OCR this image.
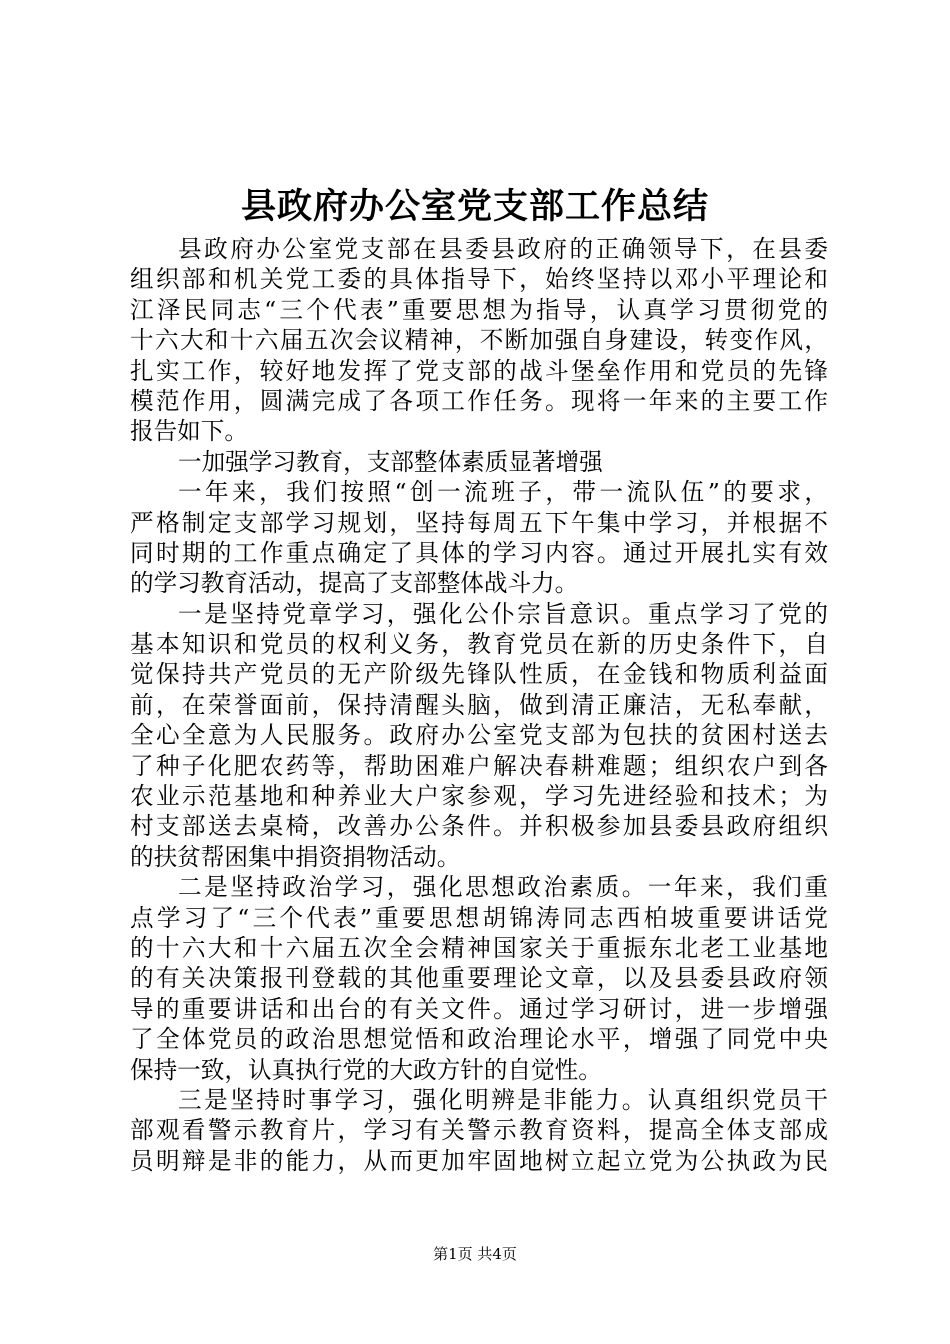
县政府办公室党支部工作总结
县政府办公室党支部在县委县政府的正确领导下，在县委
组织部和机关党工委的具体指导下，始终坚持以邓小平理论和
江泽民同志“三个代表”重要思想为指导，认真学习贯彻党的
十六大和十六届五次会议精神，不断加强自身建设，转变作风，
扎实工作，较好地发挥了党支部的战斗堡垒作用和党员的先锋
模范作用，圆满完成了各项工作任务。现将一年来的主要工作
报告如下。
一加强学习教育，支部整体素质显著增强
一年来，我们按照“创一流班子，带一流队伍”的要求，
严格制定支部学习规划，坚持每周五下午集中学习，并根据不
同时期的工作重点确定了具体的学习内容。通过开展扎实有效
的学习教育活动，提高了支部整体战斗力。
一是坚持党章学习，强化公仆宗旨意识。重点学习了党的
基本知识和党员的权利义务，教育党员在新的历史条件下，自
觉保持共产党员的无产阶级先锋队性质，在金钱和物质利益面
前，在荣誉面前，保持清醒头脑，做到清正廉洁，无私奉献，
全心全意为人民服务。政府办公室党支部为包扶的贫困村送去
了种子化肥农药等，帮助困难户解决春耕难题；组织农户到各
农业示范基地和种养业大户家参观，学习先进经验和技术；为
村支部送去桌椅，改善办公条件。并积极参加县委县政府组织
的扶贫帮困集中捐资捐物活动。
二是坚持政治学习，强化思想政治素质。一年来，我们重
点学习了“三个代表”重要思想胡锦涛同志西柏坡重要讲话党
的十六大和十六届五次全会精神国家关于重振东北老工业基地
的有关决策报刊登载的其他重要理论文章，以及县委县政府领
导的重要讲话和出台的有关文件。通过学习研讨，进一步增强
了全体党员的政治思想觉悟和政治理论水平，增强了同党中央
保持一致，认真执行党的大政方针的自觉性。
三是坚持时事学习，强化明辨是非能力。认真组织党员干
部观看警示教育片，学习有关警示教育资料，提高全体支部成
员明辩是非的能力，从而更加牢固地树立起立党为公执政为民
第1页 共4页
